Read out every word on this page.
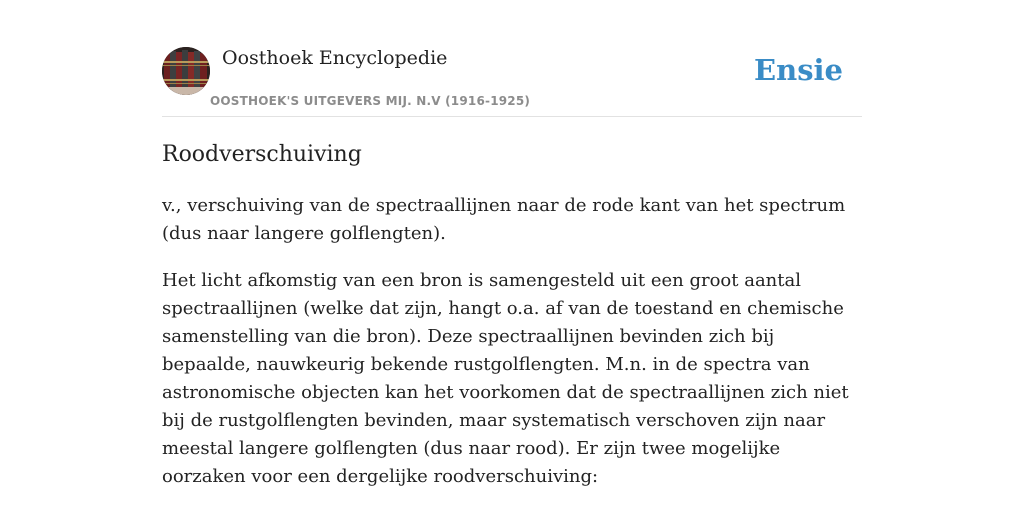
Oosthoek Encyclopedie
OOSTHOEK'S UITGEVERS MIJ. N.V (1916-1925)
Ensie
Roodverschuiving

v., verschuiving van de spectraallijnen naar de rode kant van het spectrum (dus naar langere golflengten).

Het licht afkomstig van een bron is samengesteld uit een groot aantal spectraallijnen (welke dat zijn, hangt o.a. af van de toestand en chemische samenstelling van die bron). Deze spectraallijnen bevinden zich bij bepaalde, nauwkeurig bekende rustgolflengten. M.n. in de spectra van astronomische objecten kan het voorkomen dat de spectraallijnen zich niet bij de rustgolflengten bevinden, maar systematisch verschoven zijn naar meestal langere golflengten (dus naar rood). Er zijn twee mogelijke oorzaken voor een dergelijke roodverschuiving:
